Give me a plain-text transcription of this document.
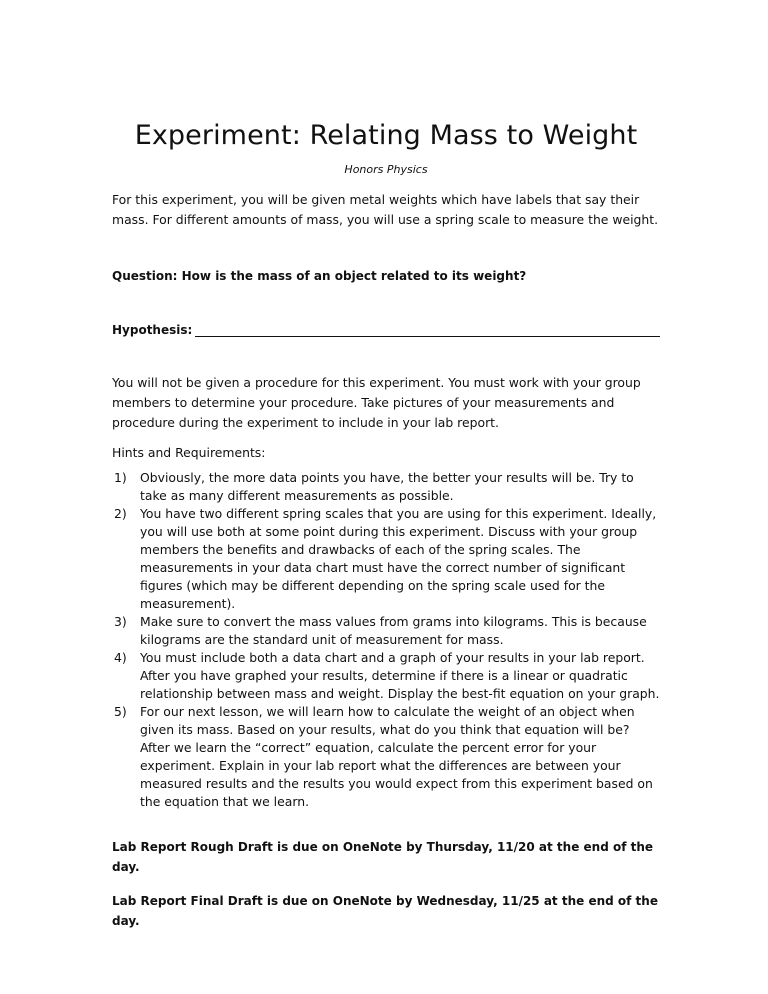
Experiment: Relating Mass to Weight
Honors Physics

For this experiment, you will be given metal weights which have labels that say their mass. For different amounts of mass, you will use a spring scale to measure the weight.

Question: How is the mass of an object related to its weight?

Hypothesis:

You will not be given a procedure for this experiment. You must work with your group members to determine your procedure. Take pictures of your measurements and procedure during the experiment to include in your lab report.

Hints and Requirements:

1) Obviously, the more data points you have, the better your results will be. Try to take as many different measurements as possible.
2) You have two different spring scales that you are using for this experiment. Ideally, you will use both at some point during this experiment. Discuss with your group members the benefits and drawbacks of each of the spring scales. The measurements in your data chart must have the correct number of significant figures (which may be different depending on the spring scale used for the measurement).
3) Make sure to convert the mass values from grams into kilograms. This is because kilograms are the standard unit of measurement for mass.
4) You must include both a data chart and a graph of your results in your lab report. After you have graphed your results, determine if there is a linear or quadratic relationship between mass and weight. Display the best-fit equation on your graph.
5) For our next lesson, we will learn how to calculate the weight of an object when given its mass. Based on your results, what do you think that equation will be? After we learn the “correct” equation, calculate the percent error for your experiment. Explain in your lab report what the differences are between your measured results and the results you would expect from this experiment based on the equation that we learn.

Lab Report Rough Draft is due on OneNote by Thursday, 11/20 at the end of the day.

Lab Report Final Draft is due on OneNote by Wednesday, 11/25 at the end of the day.
